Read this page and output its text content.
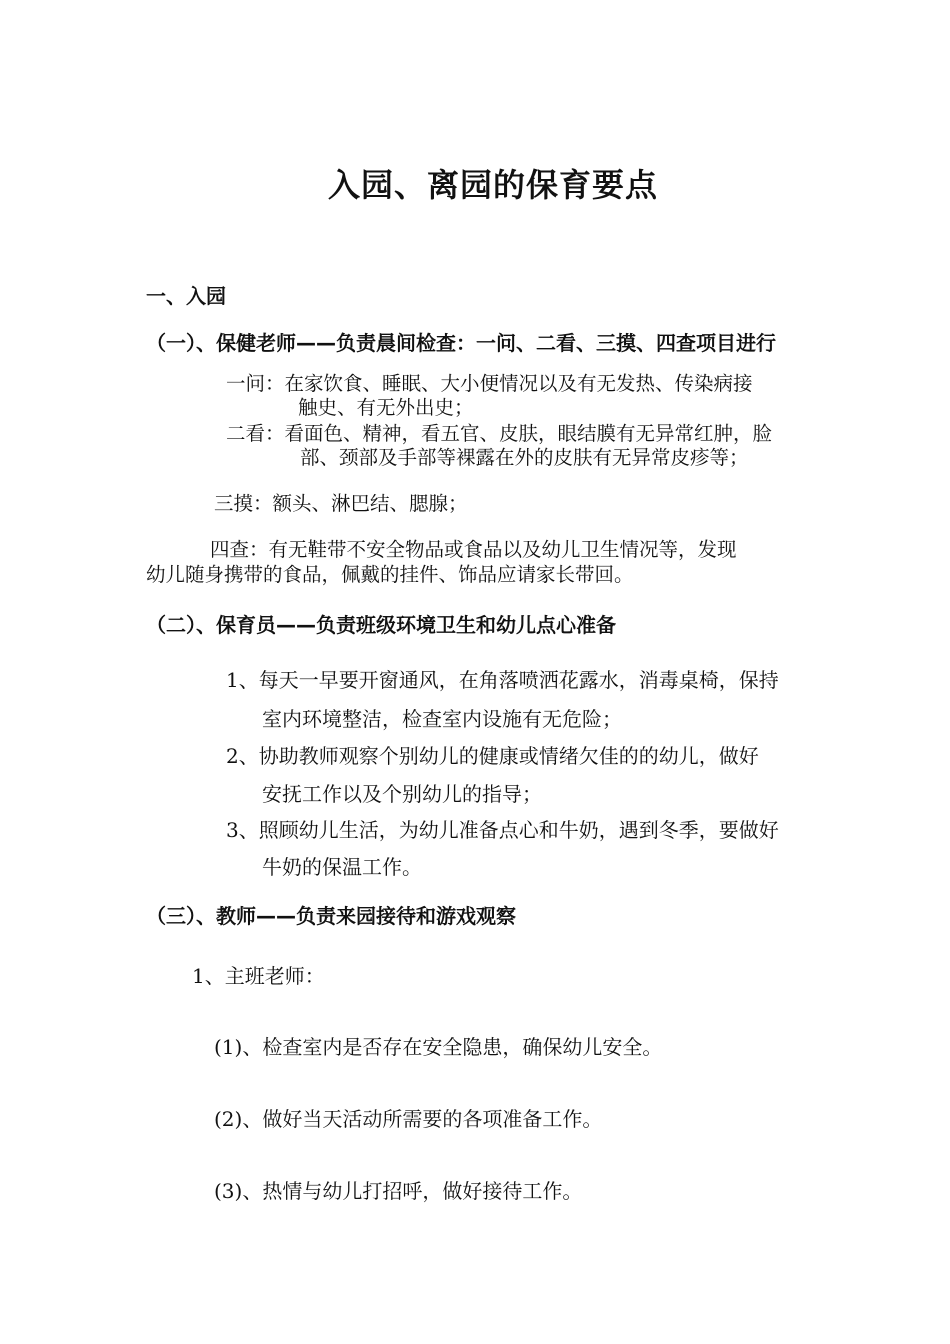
入园、离园的保育要点
一、入园
（一）、保健老师——负责晨间检查：一问、二看、三摸、四查项目进行
一问：在家饮食、睡眠、大小便情况以及有无发热、传染病接
触史、有无外出史；
二看：看面色、精神，看五官、皮肤，眼结膜有无异常红肿，脸
部、颈部及手部等裸露在外的皮肤有无异常皮疹等；
三摸：额头、淋巴结、腮腺；
四查：有无鞋带不安全物品或食品以及幼儿卫生情况等，发现
幼儿随身携带的食品，佩戴的挂件、饰品应请家长带回。
（二）、保育员——负责班级环境卫生和幼儿点心准备
1、每天一早要开窗通风，在角落喷洒花露水，消毒桌椅，保持
室内环境整洁，检查室内设施有无危险；
2、协助教师观察个别幼儿的健康或情绪欠佳的的幼儿，做好
安抚工作以及个别幼儿的指导；
3、照顾幼儿生活，为幼儿准备点心和牛奶，遇到冬季，要做好
牛奶的保温工作。
（三）、教师——负责来园接待和游戏观察
1、主班老师：
(1)、检查室内是否存在安全隐患，确保幼儿安全。
(2)、做好当天活动所需要的各项准备工作。
(3)、热情与幼儿打招呼，做好接待工作。
